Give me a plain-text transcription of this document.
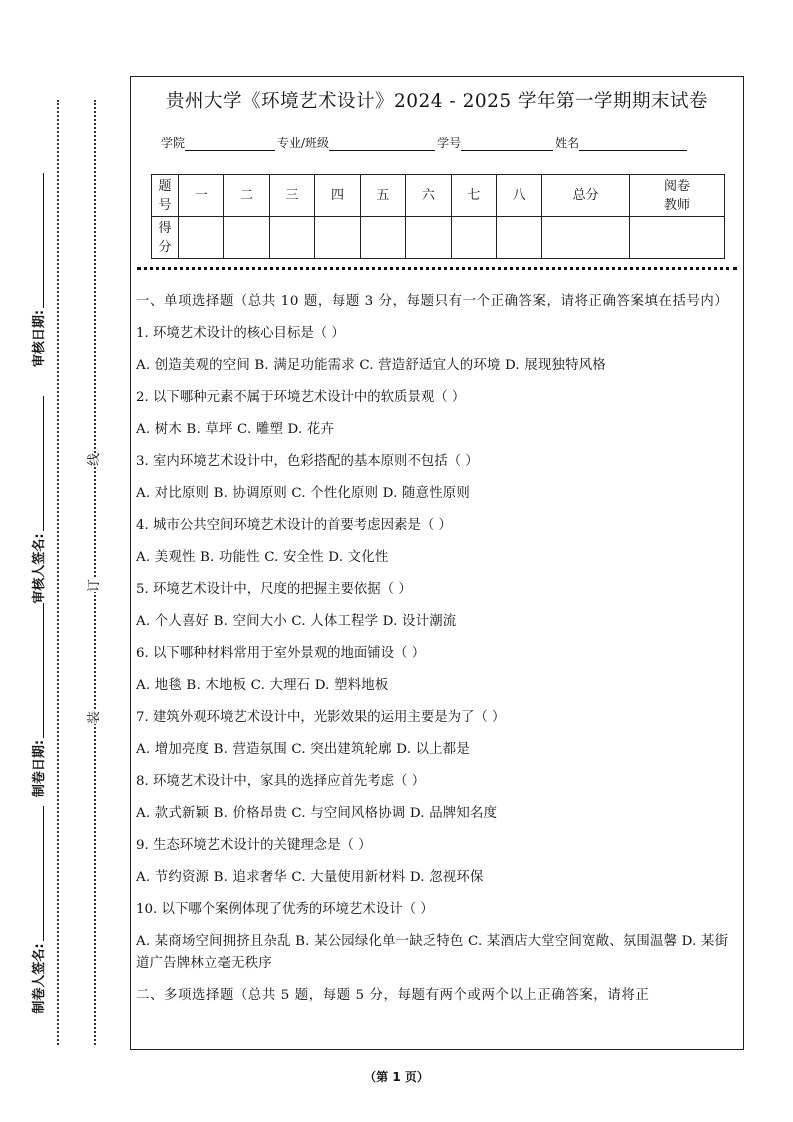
审核日期:
审核人签名:
制卷日期:
制卷人签名:
线
订
装
贵州大学《环境艺术设计》2024 - 2025 学年第一学期期末试卷
学院	专业/班级	学号	姓名
题
号	一	二	三	四	五	六	七	八	总分	阅卷
教师
得
分										

一、单项选择题（总共 10 题，每题 3 分，每题只有一个正确答案，请将正确答案填在括号内）

1. 环境艺术设计的核心目标是（ ）

A. 创造美观的空间 B. 满足功能需求 C. 营造舒适宜人的环境 D. 展现独特风格

2. 以下哪种元素不属于环境艺术设计中的软质景观（ ）

A. 树木 B. 草坪 C. 雕塑 D. 花卉

3. 室内环境艺术设计中，色彩搭配的基本原则不包括（ ）

A. 对比原则 B. 协调原则 C. 个性化原则 D. 随意性原则

4. 城市公共空间环境艺术设计的首要考虑因素是（ ）

A. 美观性 B. 功能性 C. 安全性 D. 文化性

5. 环境艺术设计中，尺度的把握主要依据（ ）

A. 个人喜好 B. 空间大小 C. 人体工程学 D. 设计潮流

6. 以下哪种材料常用于室外景观的地面铺设（ ）

A. 地毯 B. 木地板 C. 大理石 D. 塑料地板

7. 建筑外观环境艺术设计中，光影效果的运用主要是为了（ ）

A. 增加亮度 B. 营造氛围 C. 突出建筑轮廓 D. 以上都是

8. 环境艺术设计中，家具的选择应首先考虑（ ）

A. 款式新颖 B. 价格昂贵 C. 与空间风格协调 D. 品牌知名度

9. 生态环境艺术设计的关键理念是（ ）

A. 节约资源 B. 追求奢华 C. 大量使用新材料 D. 忽视环保

10. 以下哪个案例体现了优秀的环境艺术设计（ ）

A. 某商场空间拥挤且杂乱 B. 某公园绿化单一缺乏特色 C. 某酒店大堂空间宽敞、氛围温馨 D. 某街道广告牌林立毫无秩序

二、多项选择题（总共 5 题，每题 5 分，每题有两个或两个以上正确答案，请将正

（第 1 页）
